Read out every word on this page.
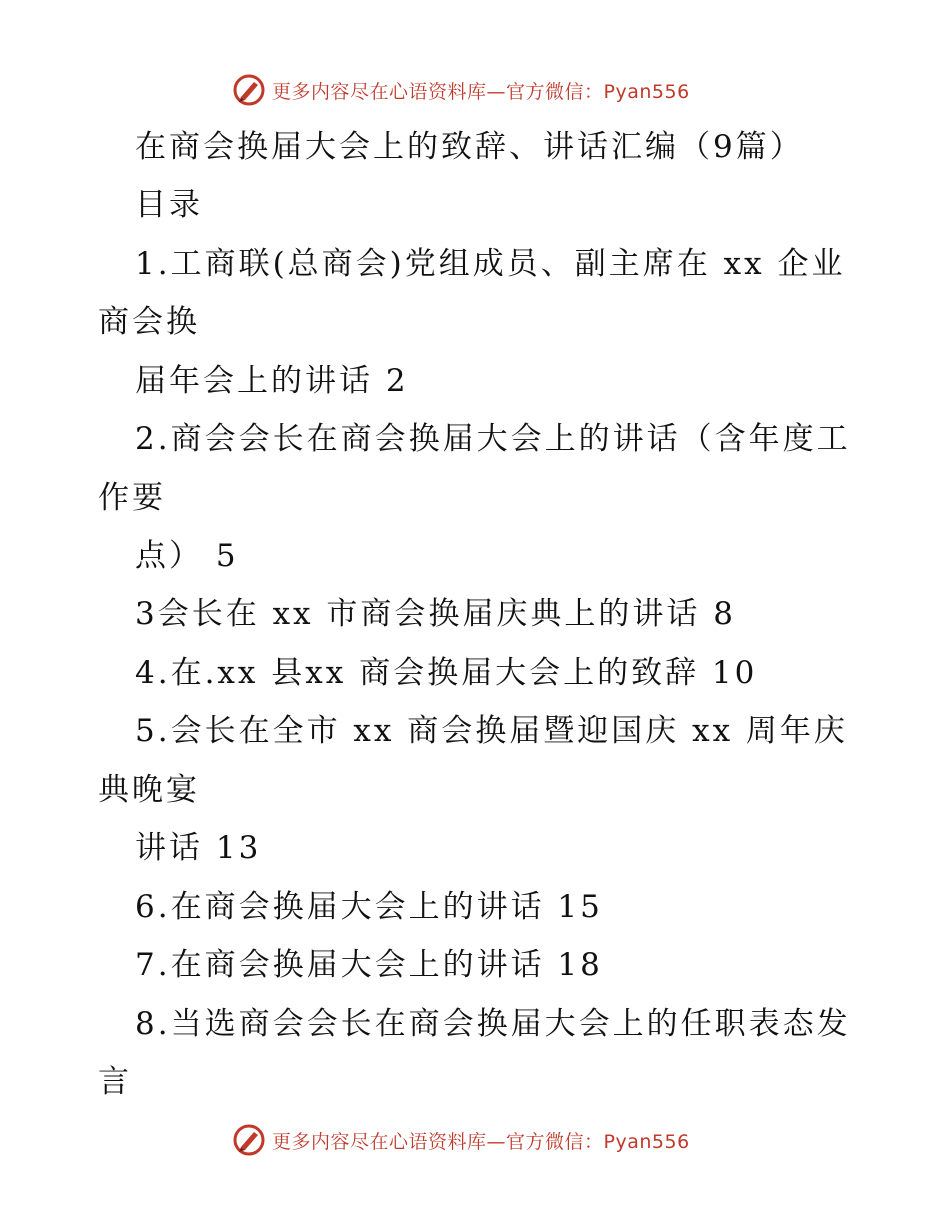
更多内容尽在心语资料库—官方微信：Pyan556
在商会换届大会上的致辞、讲话汇编（9篇）
目录
1.工商联(总商会)党组成员、副主席在 xx 企业
商会换
届年会上的讲话 2
2.商会会长在商会换届大会上的讲话（含年度工
作要
点） 5
3会长在 xx 市商会换届庆典上的讲话 8
4.在.xx 县xx 商会换届大会上的致辞 10
5.会长在全市 xx 商会换届暨迎国庆 xx 周年庆
典晚宴
讲话 13
6.在商会换届大会上的讲话 15
7.在商会换届大会上的讲话 18
8.当选商会会长在商会换届大会上的任职表态发
言
更多内容尽在心语资料库—官方微信：Pyan556
